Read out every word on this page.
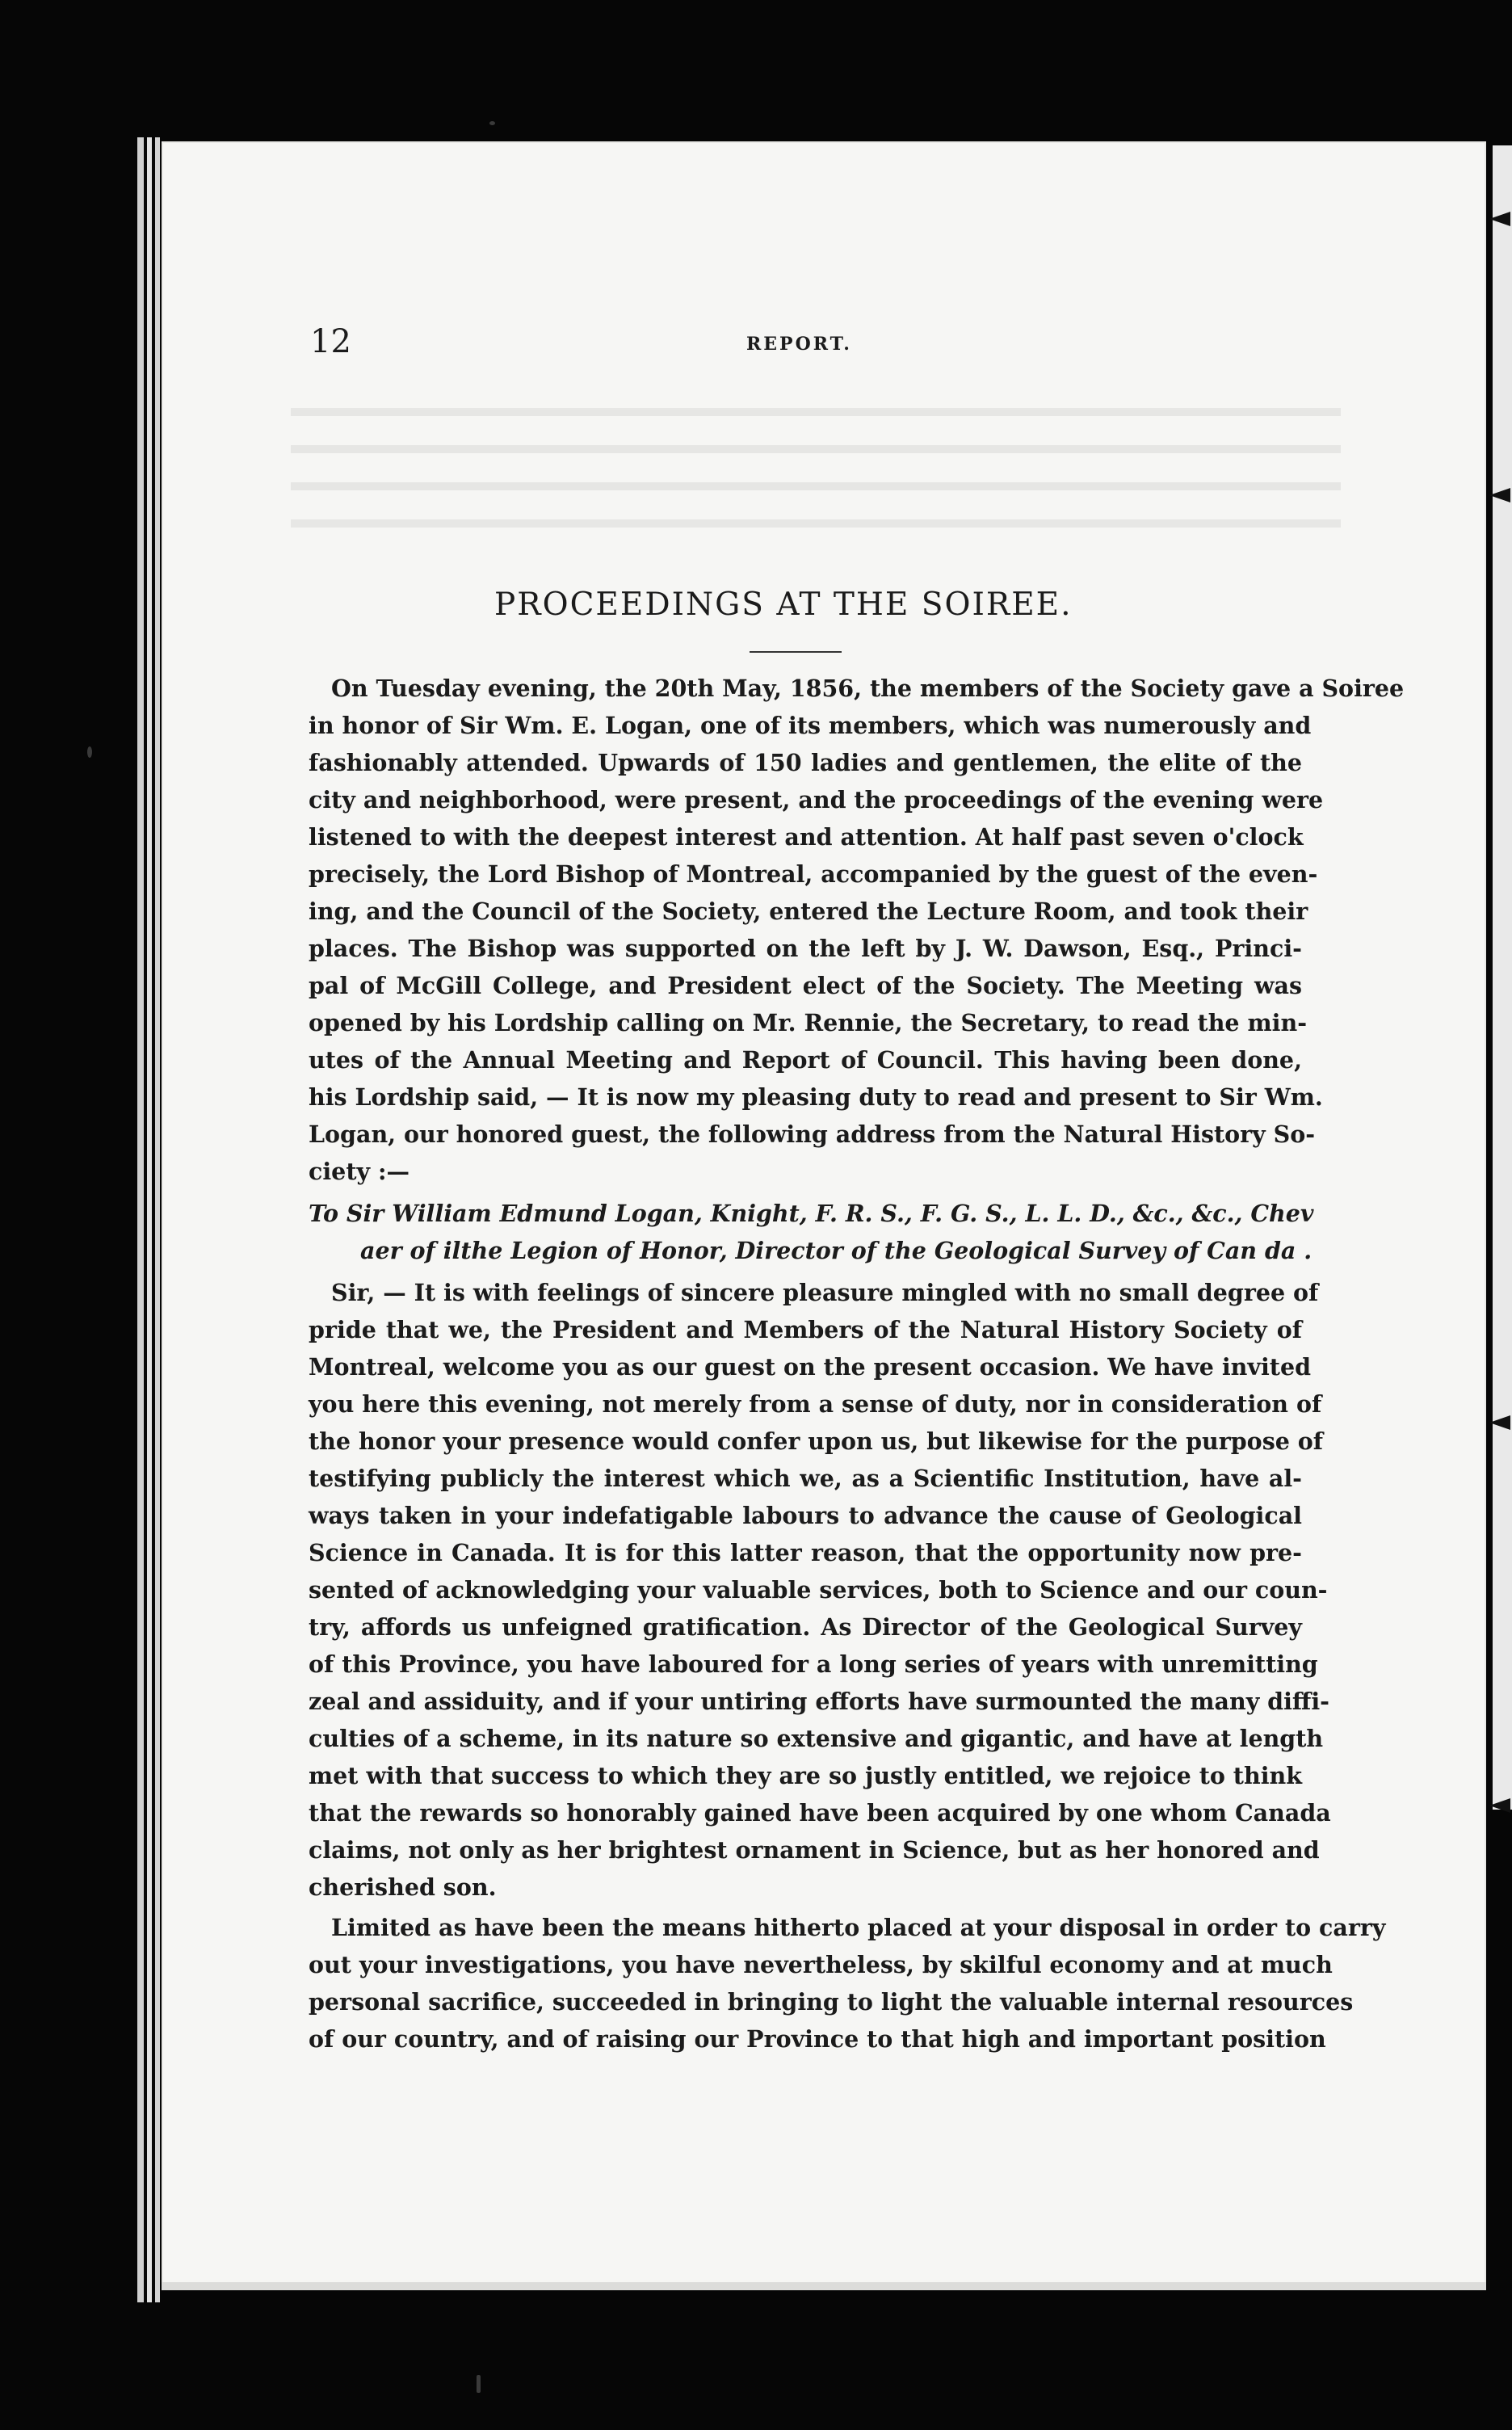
12	REPORT.
PROCEEDINGS AT THE SOIREE.
On Tuesday evening, the 20th May, 1856, the members of the Society gave a Soiree
in honor of Sir Wm. E. Logan, one of its members, which was numerously and
fashionably attended. Upwards of 150 ladies and gentlemen, the elite of the
city and neighborhood, were present, and the proceedings of the evening were
listened to with the deepest interest and attention. At half past seven o'clock
precisely, the Lord Bishop of Montreal, accompanied by the guest of the even-
ing, and the Council of the Society, entered the Lecture Room, and took their
places. The Bishop was supported on the left by J. W. Dawson, Esq., Princi-
pal of McGill College, and President elect of the Society. The Meeting was
opened by his Lordship calling on Mr. Rennie, the Secretary, to read the min-
utes of the Annual Meeting and Report of Council. This having been done,
his Lordship said, — It is now my pleasing duty to read and present to Sir Wm.
Logan, our honored guest, the following address from the Natural History So-
ciety :—
To Sir William Edmund Logan, Knight, F. R. S., F. G. S., L. L. D., &c., &c., Chev
aer of ilthe Legion of Honor, Director of the Geological Survey of Can da .
Sir, — It is with feelings of sincere pleasure mingled with no small degree of
pride that we, the President and Members of the Natural History Society of
Montreal, welcome you as our guest on the present occasion. We have invited
you here this evening, not merely from a sense of duty, nor in consideration of
the honor your presence would confer upon us, but likewise for the purpose of
testifying publicly the interest which we, as a Scientific Institution, have al-
ways taken in your indefatigable labours to advance the cause of Geological
Science in Canada. It is for this latter reason, that the opportunity now pre-
sented of acknowledging your valuable services, both to Science and our coun-
try, affords us unfeigned gratification. As Director of the Geological Survey
of this Province, you have laboured for a long series of years with unremitting
zeal and assiduity, and if your untiring efforts have surmounted the many diffi-
culties of a scheme, in its nature so extensive and gigantic, and have at length
met with that success to which they are so justly entitled, we rejoice to think
that the rewards so honorably gained have been acquired by one whom Canada
claims, not only as her brightest ornament in Science, but as her honored and
cherished son.
Limited as have been the means hitherto placed at your disposal in order to carry
out your investigations, you have nevertheless, by skilful economy and at much
personal sacrifice, succeeded in bringing to light the valuable internal resources
of our country, and of raising our Province to that high and important position
